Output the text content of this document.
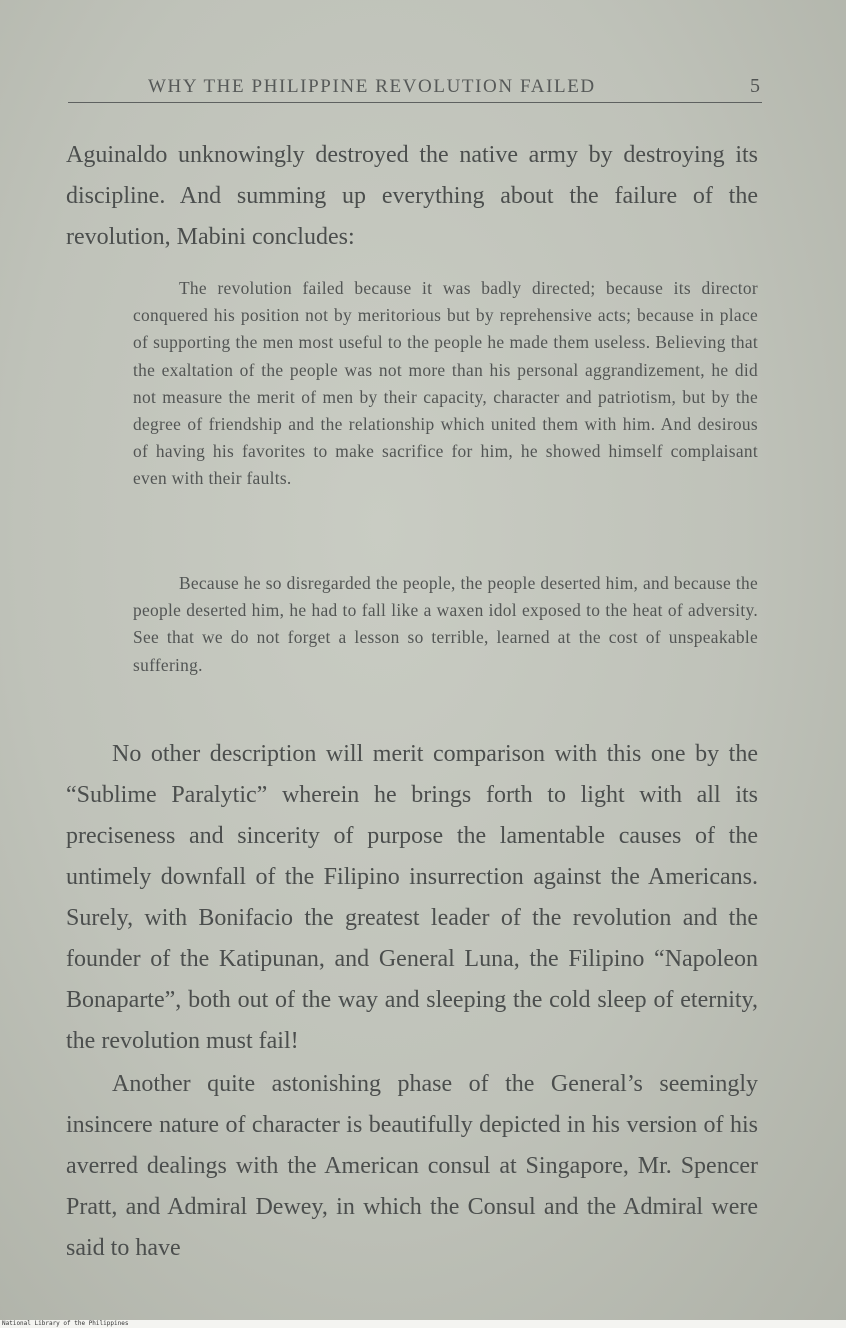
WHY THE PHILIPPINE REVOLUTION FAILED	5

Aguinaldo unknowingly destroyed the native army by destroying its discipline. And summing up everything about the failure of the revolution, Mabini concludes:

The revolution failed because it was badly directed; because its director conquered his position not by meritorious but by reprehensive acts; because in place of supporting the men most useful to the people he made them useless. Believing that the exaltation of the people was not more than his personal aggrandizement, he did not measure the merit of men by their capacity, character and patriotism, but by the degree of friendship and the relationship which united them with him. And desirous of having his favorites to make sacrifice for him, he showed himself complaisant even with their faults.

Because he so disregarded the people, the people deserted him, and because the people deserted him, he had to fall like a waxen idol exposed to the heat of adversity. See that we do not forget a lesson so terrible, learned at the cost of unspeakable suffering.

No other description will merit comparison with this one by the “Sublime Paralytic” wherein he brings forth to light with all its preciseness and sincerity of purpose the lamentable causes of the untimely downfall of the Filipino insurrection against the Americans. Surely, with Bonifacio the greatest leader of the revolution and the founder of the Katipunan, and General Luna, the Filipino “Napoleon Bonaparte”, both out of the way and sleeping the cold sleep of eternity, the revolution must fail!

Another quite astonishing phase of the General’s seemingly insincere nature of character is beautifully depicted in his version of his averred dealings with the American consul at Singapore, Mr. Spencer Pratt, and Admiral Dewey, in which the Consul and the Admiral were said to have

National Library of the Philippines
